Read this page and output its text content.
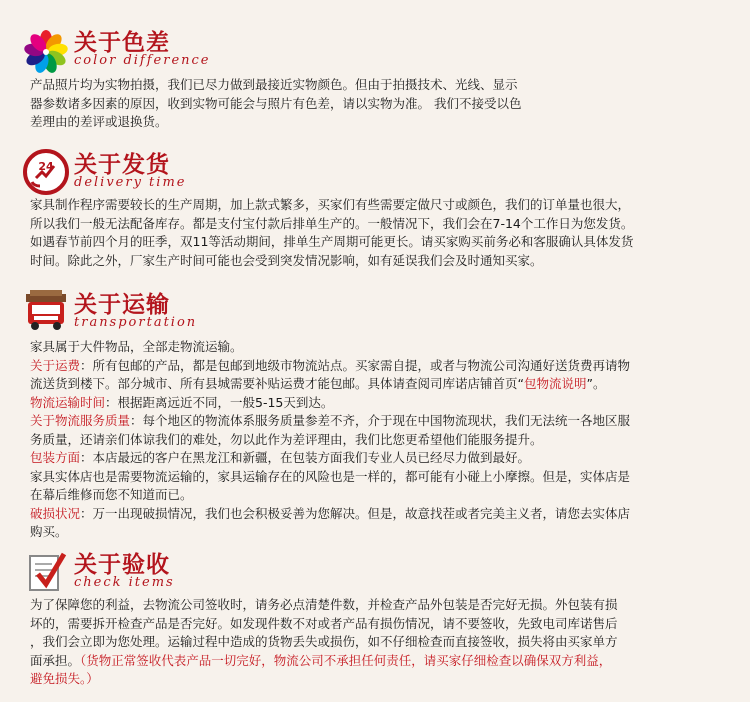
关于色差
color difference

产品照片均为实物拍摄，我们已尽力做到最接近实物颜色。但由于拍摄技术、光线、显示

器参数诸多因素的原因，收到实物可能会与照片有色差，请以实物为准。 我们不接受以色

差理由的差评或退换货。

24 关于发货
delivery time

家具制作程序需要较长的生产周期，加上款式繁多，买家们有些需要定做尺寸或颜色，我们的订单量也很大，

所以我们一般无法配备库存。都是支付宝付款后排单生产的。一般情况下，我们会在7-14个工作日为您发货。

如遇春节前四个月的旺季，双11等活动期间，排单生产周期可能更长。请买家购买前务必和客服确认具体发货

时间。除此之外，厂家生产时间可能也会受到突发情况影响，如有延误我们会及时通知买家。

关于运输
transportation

家具属于大件物品，全部走物流运输。

关于运费：所有包邮的产品，都是包邮到地级市物流站点。买家需自提，或者与物流公司沟通好送货费再请物

流送货到楼下。部分城市、所有县城需要补贴运费才能包邮。具体请查阅司库诺店铺首页“包物流说明”。

物流运输时间：根据距离远近不同，一般5-15天到达。

关于物流服务质量：每个地区的物流体系服务质量参差不齐，介于现在中国物流现状，我们无法统一各地区服

务质量，还请亲们体谅我们的难处，勿以此作为差评理由，我们比您更希望他们能服务提升。

包装方面：本店最远的客户在黑龙江和新疆，在包装方面我们专业人员已经尽力做到最好。

家具实体店也是需要物流运输的，家具运输存在的风险也是一样的，都可能有小碰上小摩擦。但是，实体店是

在幕后维修而您不知道而已。

破损状况：万一出现破损情况，我们也会积极妥善为您解决。但是，故意找茬或者完美主义者，请您去实体店

购买。

关于验收
check items

为了保障您的利益，去物流公司签收时，请务必点清楚件数，并检查产品外包装是否完好无损。外包装有损

坏的，需要拆开检查产品是否完好。如发现件数不对或者产品有损伤情况，请不要签收，先致电司库诺售后

，我们会立即为您处理。运输过程中造成的货物丢失或损伤，如不仔细检查而直接签收，损失将由买家单方

面承担。（货物正常签收代表产品一切完好，物流公司不承担任何责任，请买家仔细检查以确保双方利益，

避免损失。）
